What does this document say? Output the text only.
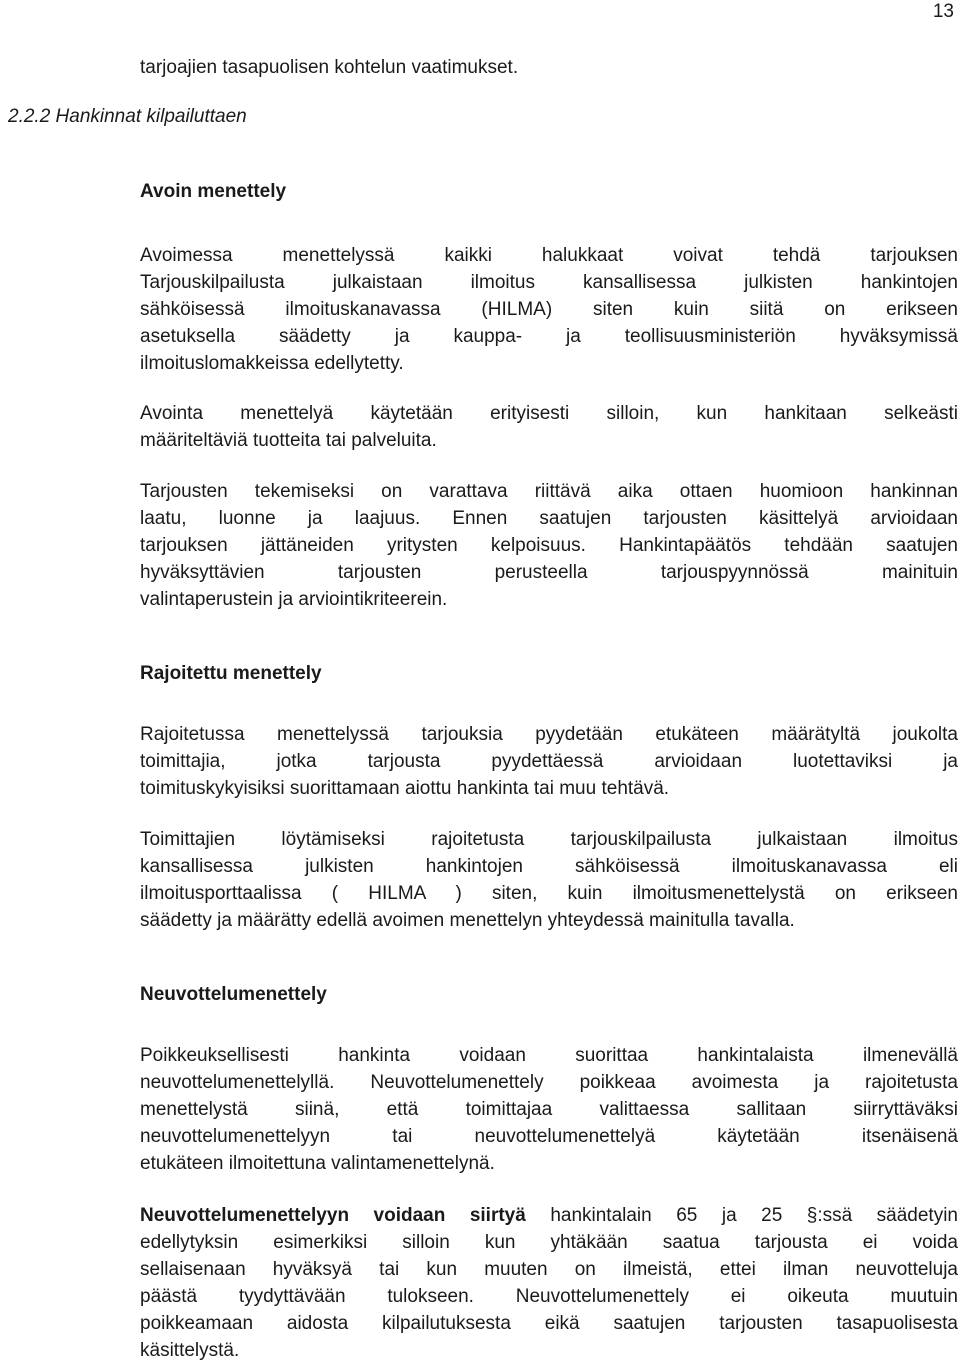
13
tarjoajien tasapuolisen kohtelun vaatimukset.
2.2.2 Hankinnat kilpailuttaen
Avoin menettely
Avoimessa menettelyssä kaikki halukkaat voivat tehdä tarjouksen
Tarjouskilpailusta julkaistaan ilmoitus kansallisessa julkisten hankintojen
sähköisessä ilmoituskanavassa (HILMA) siten kuin siitä on erikseen
asetuksella säädetty ja kauppa- ja teollisuusministeriön hyväksymissä
ilmoituslomakkeissa edellytetty.
Avointa menettelyä käytetään erityisesti silloin, kun hankitaan selkeästi
määriteltäviä tuotteita tai palveluita.
Tarjousten tekemiseksi on varattava riittävä aika ottaen huomioon hankinnan
laatu, luonne ja laajuus. Ennen saatujen tarjousten käsittelyä arvioidaan
tarjouksen jättäneiden yritysten kelpoisuus. Hankintapäätös tehdään saatujen
hyväksyttävien tarjousten perusteella tarjouspyynnössä mainituin
valintaperustein ja arviointikriteerein.
Rajoitettu menettely
Rajoitetussa menettelyssä tarjouksia pyydetään etukäteen määrätyltä joukolta
toimittajia, jotka tarjousta pyydettäessä arvioidaan luotettaviksi ja
toimituskykyisiksi suorittamaan aiottu hankinta tai muu tehtävä.
Toimittajien löytämiseksi rajoitetusta tarjouskilpailusta julkaistaan ilmoitus
kansallisessa julkisten hankintojen sähköisessä ilmoituskanavassa eli
ilmoitusporttaalissa ( HILMA ) siten, kuin ilmoitusmenettelystä on erikseen
säädetty ja määrätty edellä avoimen menettelyn yhteydessä mainitulla tavalla.
Neuvottelumenettely
Poikkeuksellisesti hankinta voidaan suorittaa hankintalaista ilmenevällä
neuvottelumenettelyllä. Neuvottelumenettely poikkeaa avoimesta ja rajoitetusta
menettelystä siinä, että toimittajaa valittaessa sallitaan siirryttäväksi
neuvottelumenettelyyn tai neuvottelumenettelyä käytetään itsenäisenä
etukäteen ilmoitettuna valintamenettelynä.
Neuvottelumenettelyyn voidaan siirtyä hankintalain 65 ja 25 §:ssä säädetyin
edellytyksin esimerkiksi silloin kun yhtäkään saatua tarjousta ei voida
sellaisenaan hyväksyä tai kun muuten on ilmeistä, ettei ilman neuvotteluja
päästä tyydyttävään tulokseen. Neuvottelumenettely ei oikeuta muutuin
poikkeamaan aidosta kilpailutuksesta eikä saatujen tarjousten tasapuolisesta
käsittelystä.
